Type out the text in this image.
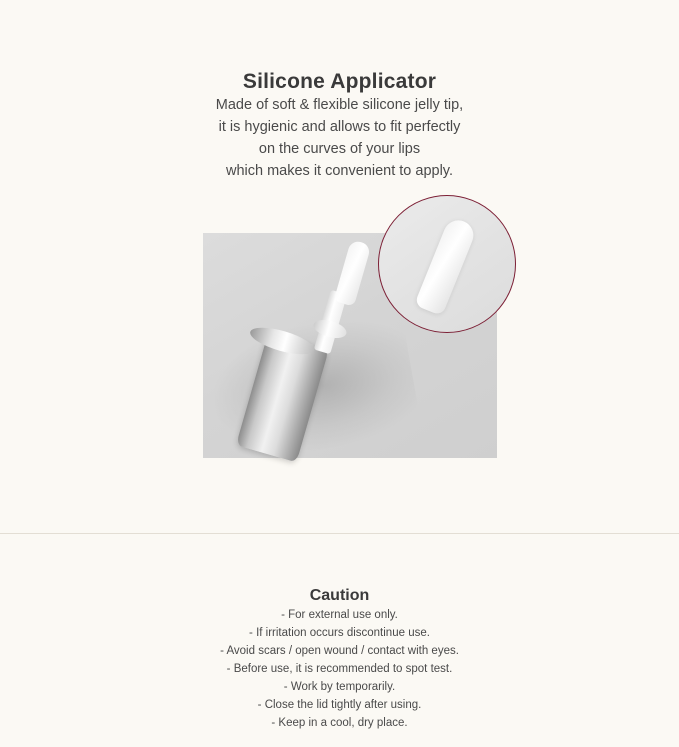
Silicone Applicator
Made of soft & flexible silicone jelly tip,
it is hygienic and allows to fit perfectly
on the curves of your lips
which makes it convenient to apply.
Caution
- For external use only.
- If irritation occurs discontinue use.
- Avoid scars / open wound / contact with eyes.
- Before use, it is recommended to spot test.
- Work by temporarily.
- Close the lid tightly after using.
- Keep in a cool, dry place.
